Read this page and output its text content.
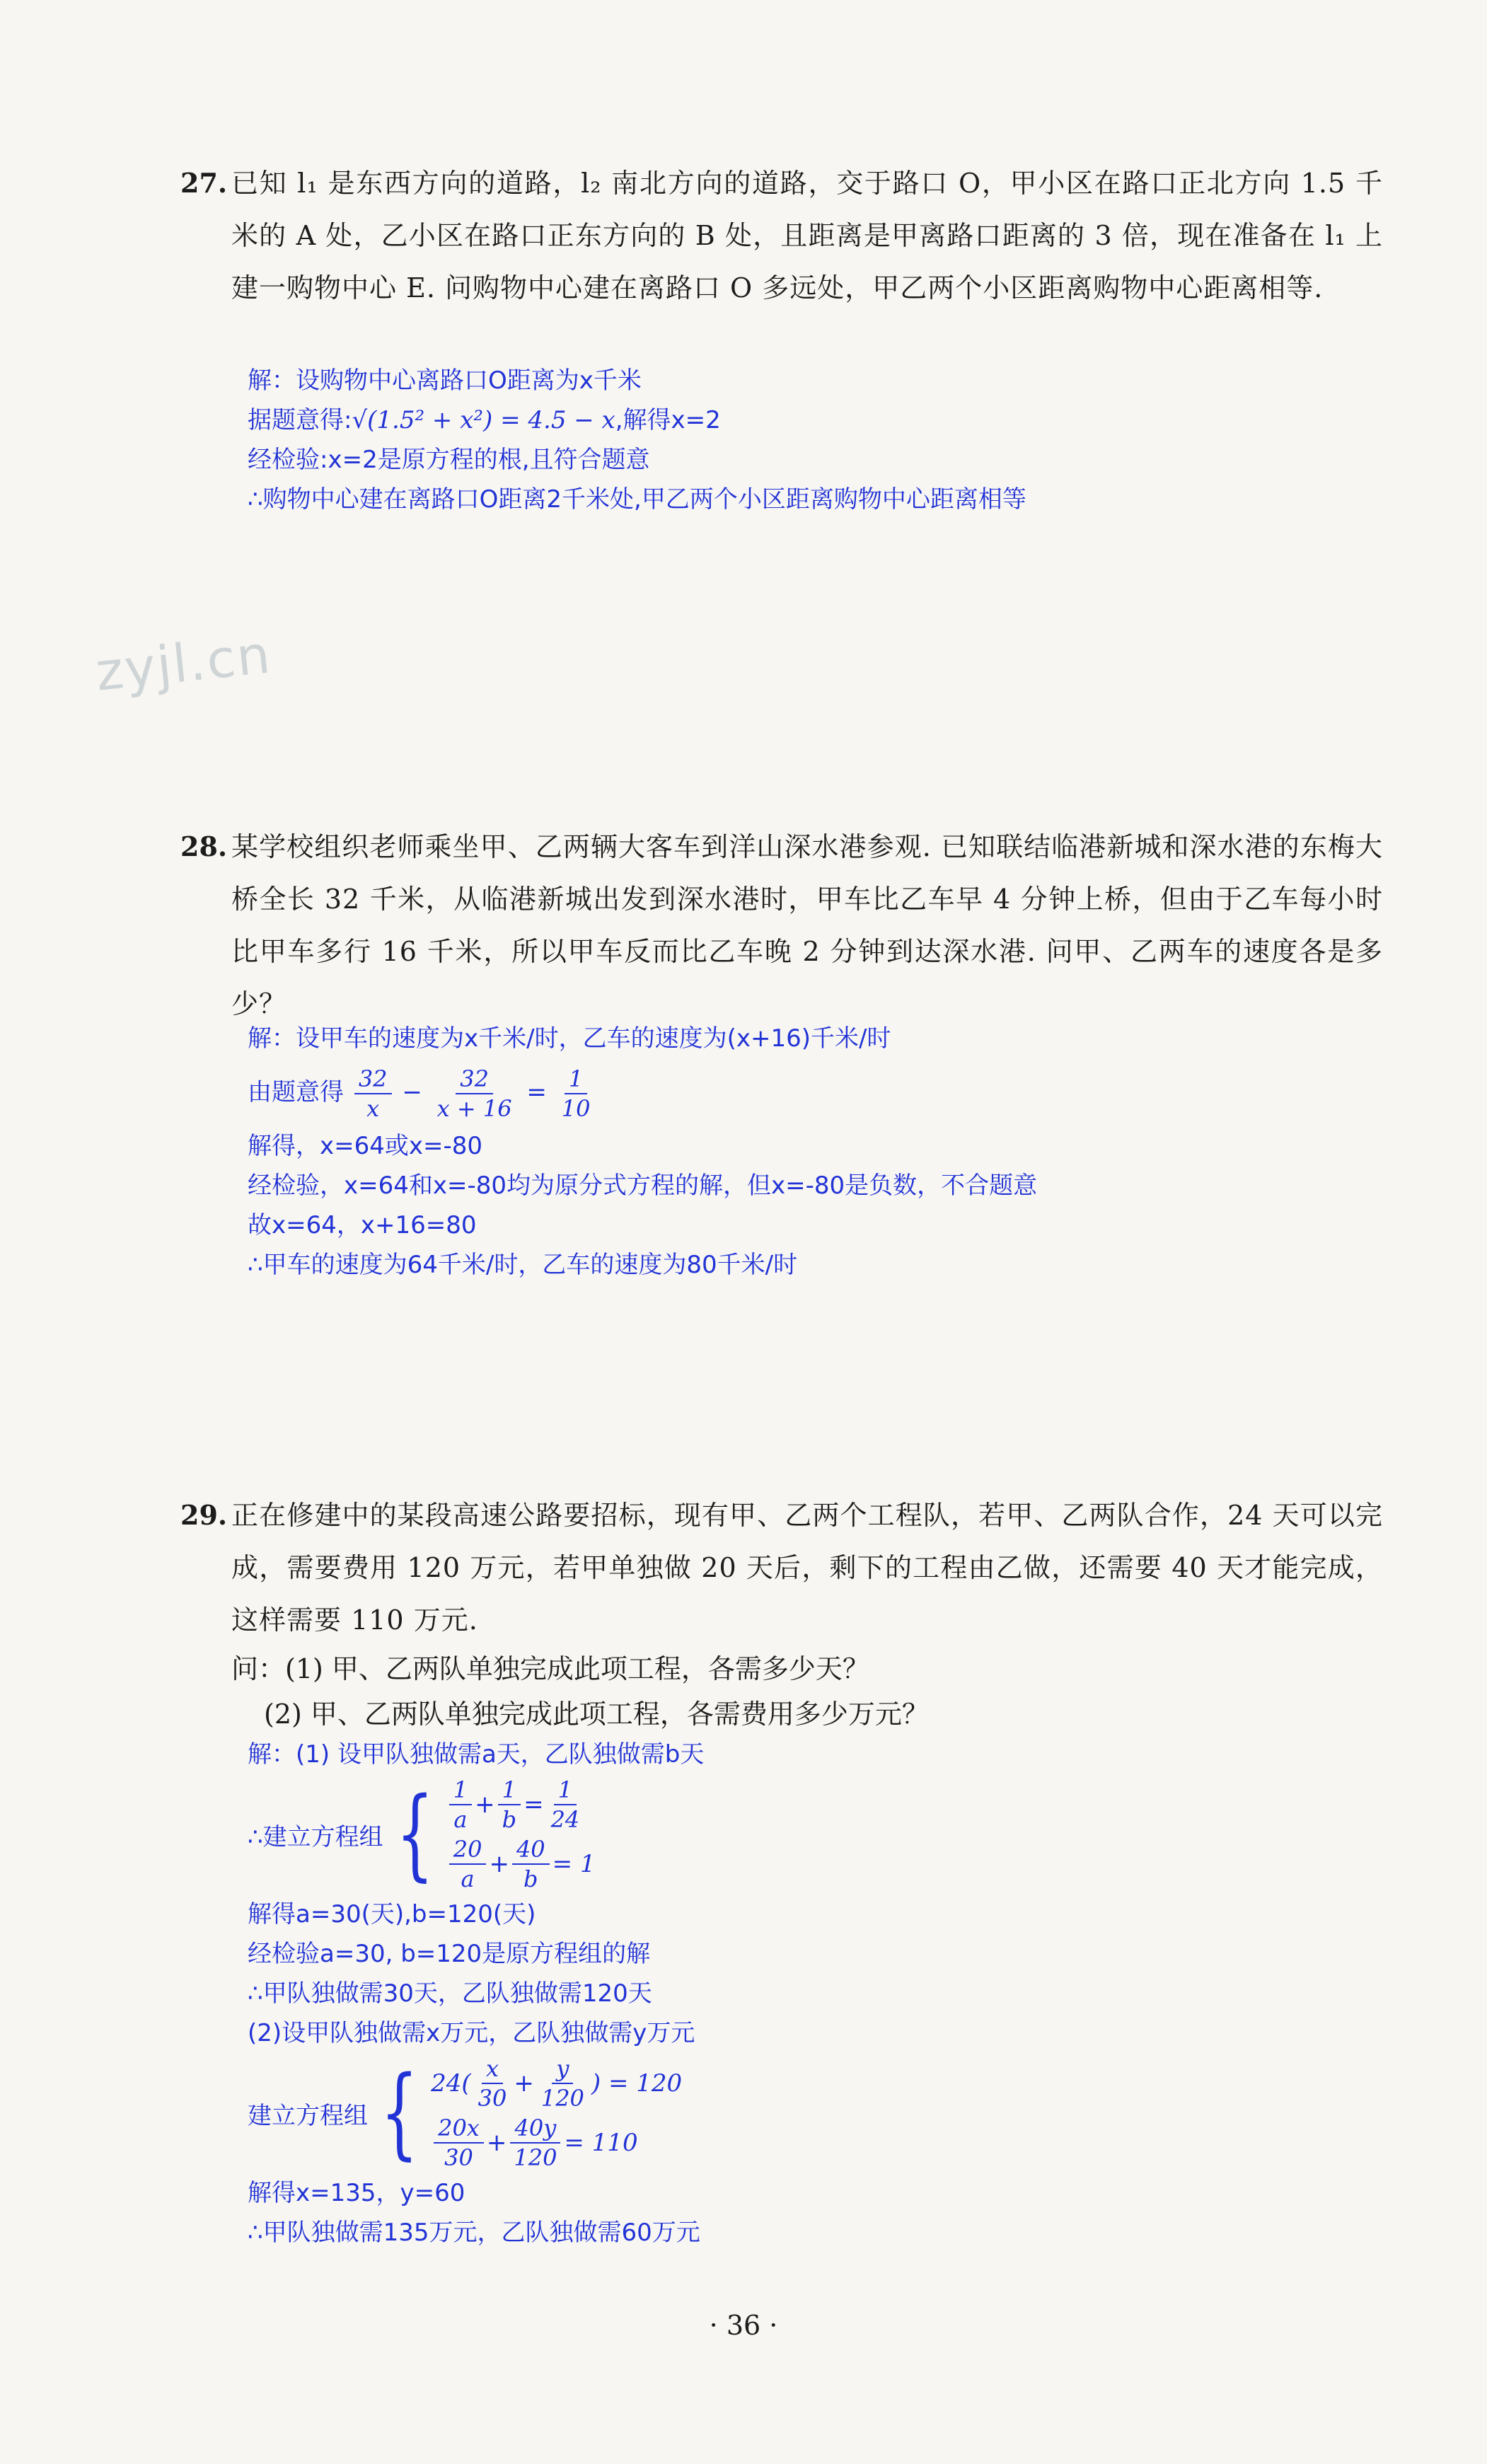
zyjl.cn
27. 已知 l₁ 是东西方向的道路，l₂ 南北方向的道路，交于路口 O，甲小区在路口正北方向 1.5 千米的 A 处，乙小区在路口正东方向的 B 处，且距离是甲离路口距离的 3 倍，现在准备在 l₁ 上建一购物中心 E. 问购物中心建在离路口 O 多远处，甲乙两个小区距离购物中心距离相等.

解：设购物中心离路口O距离为x千米
据题意得:√(1.5² + x²) = 4.5 − x,解得x=2
经检验:x=2是原方程的根,且符合题意
∴购物中心建在离路口O距离2千米处,甲乙两个小区距离购物中心距离相等
28. 某学校组织老师乘坐甲、乙两辆大客车到洋山深水港参观. 已知联结临港新城和深水港的东梅大桥全长 32 千米，从临港新城出发到深水港时，甲车比乙车早 4 分钟上桥，但由于乙车每小时比甲车多行 16 千米，所以甲车反而比乙车晚 2 分钟到达深水港. 问甲、乙两车的速度各是多少？

解：设甲车的速度为x千米/时，乙车的速度为(x+16)千米/时
由题意得 $\frac{32}{x} - \frac{32}{x + 16} = \frac{1}{10}$
解得，x=64或x=-80
经检验，x=64和x=-80均为原分式方程的解，但x=-80是负数，不合题意
故x=64，x+16=80
∴甲车的速度为64千米/时，乙车的速度为80千米/时
29. 正在修建中的某段高速公路要招标，现有甲、乙两个工程队，若甲、乙两队合作，24 天可以完成，需要费用 120 万元，若甲单独做 20 天后，剩下的工程由乙做，还需要 40 天才能完成，这样需要 110 万元.

问：(1) 甲、乙两队单独完成此项工程，各需多少天？
(2) 甲、乙两队单独完成此项工程，各需费用多少万元？
解：(1) 设甲队独做需a天，乙队独做需b天
∴建立方程组 { $\frac{1}{a} + \frac{1}{b} = \frac{1}{24}$
$\frac{20}{a} + \frac{40}{b} = 1$
解得a=30(天),b=120(天)
经检验a=30, b=120是原方程组的解
∴甲队独做需30天，乙队独做需120天
(2)设甲队独做需x万元，乙队独做需y万元
建立方程组 { $24( \frac{x}{30} + \frac{y}{120}$ ) = 120
$\frac{20x}{30} + \frac{40y}{120} = 110$
解得x=135，y=60
∴甲队独做需135万元，乙队独做需60万元
· 36 ·
